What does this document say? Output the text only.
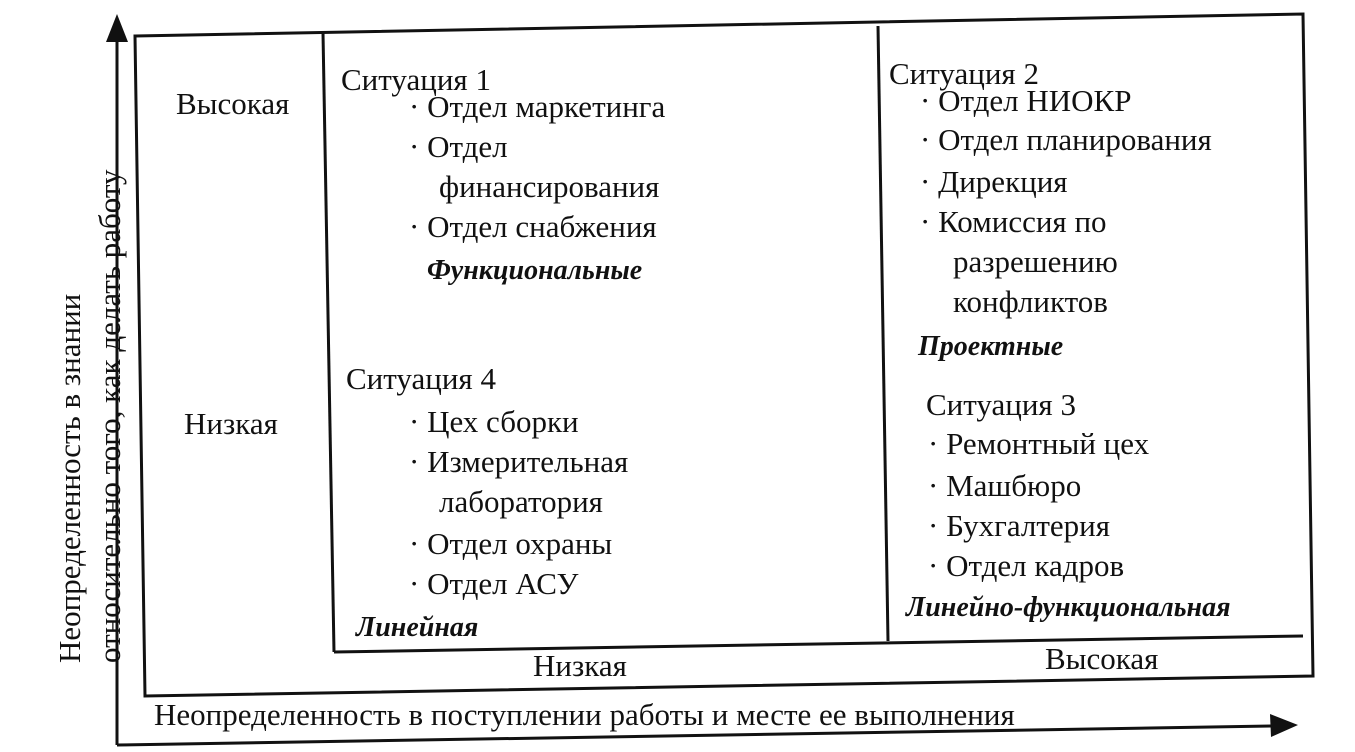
Неопределенность в знании относительно того, как делать работу
Высокая
Низкая
Низкая	Высокая
Неопределенность в поступлении работы и месте ее выполнения
Ситуация 1
· Отдел маркетинга
· Отдел
финансирования
· Отдел снабжения
Функциональные
Ситуация 2
· Отдел НИОКР
· Отдел планирования
· Дирекция
· Комиссия по
разрешению
конфликтов
Проектные
Ситуация 4
· Цех сборки
· Измерительная
лаборатория
· Отдел охраны
· Отдел АСУ
Линейная
Ситуация 3
· Ремонтный цех
· Машбюро
· Бухгалтерия
· Отдел кадров
Линейно-функциональная
